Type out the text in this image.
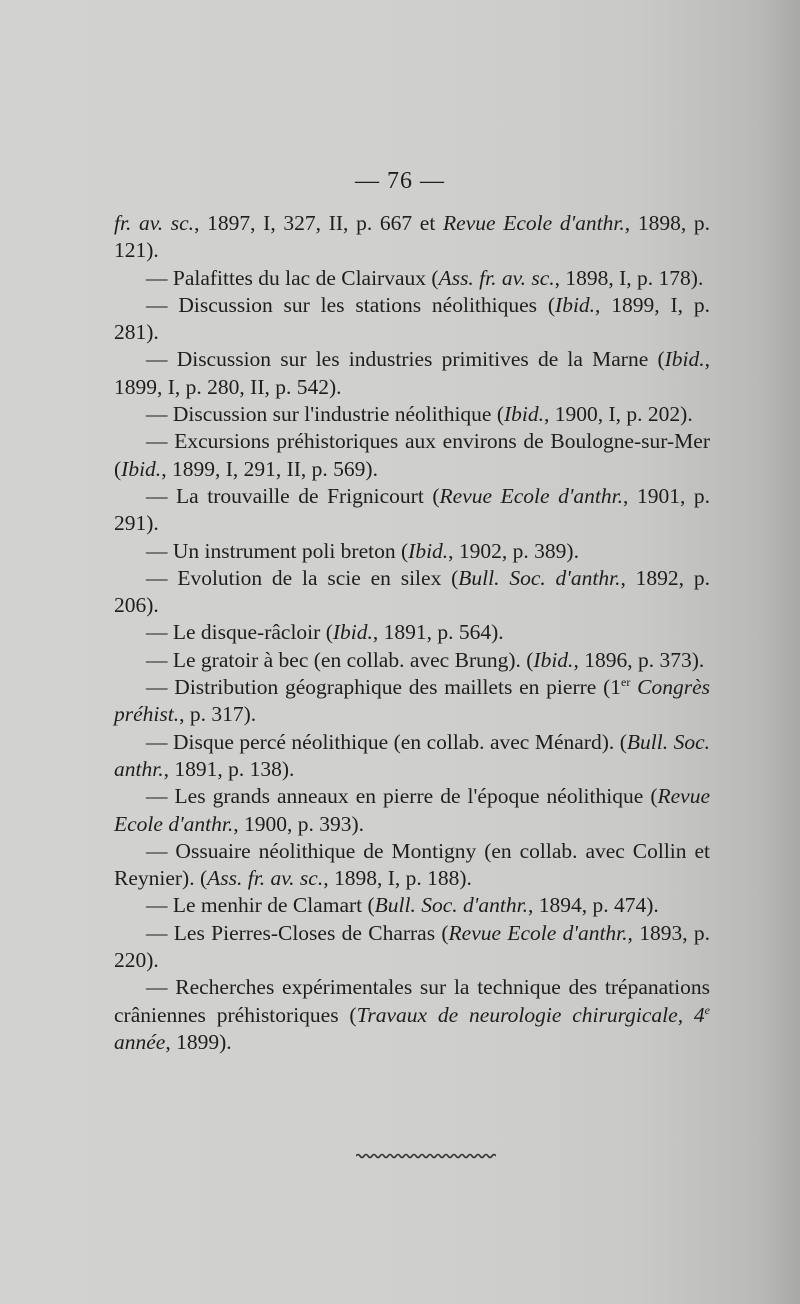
— 76 —

fr. av. sc., 1897, I, 327, II, p. 667 et Revue Ecole d'anthr., 1898, p. 121).

— Palafittes du lac de Clairvaux (Ass. fr. av. sc., 1898, I, p. 178).

— Discussion sur les stations néolithiques (Ibid., 1899, I, p. 281).

— Discussion sur les industries primitives de la Marne (Ibid., 1899, I, p. 280, II, p. 542).

— Discussion sur l'industrie néolithique (Ibid., 1900, I, p. 202).

— Excursions préhistoriques aux environs de Boulogne-sur-Mer (Ibid., 1899, I, 291, II, p. 569).

— La trouvaille de Frignicourt (Revue Ecole d'anthr., 1901, p. 291).

— Un instrument poli breton (Ibid., 1902, p. 389).

— Evolution de la scie en silex (Bull. Soc. d'anthr., 1892, p. 206).

— Le disque-râcloir (Ibid., 1891, p. 564).

— Le gratoir à bec (en collab. avec Brung). (Ibid., 1896, p. 373).

— Distribution géographique des maillets en pierre (1er Congrès préhist., p. 317).

— Disque percé néolithique (en collab. avec Ménard). (Bull. Soc. anthr., 1891, p. 138).

— Les grands anneaux en pierre de l'époque néolithique (Revue Ecole d'anthr., 1900, p. 393).

— Ossuaire néolithique de Montigny (en collab. avec Collin et Reynier). (Ass. fr. av. sc., 1898, I, p. 188).

— Le menhir de Clamart (Bull. Soc. d'anthr., 1894, p. 474).

— Les Pierres-Closes de Charras (Revue Ecole d'anthr., 1893, p. 220).

— Recherches expérimentales sur la technique des trépanations crâniennes préhistoriques (Travaux de neurologie chirurgicale, 4e année, 1899).
